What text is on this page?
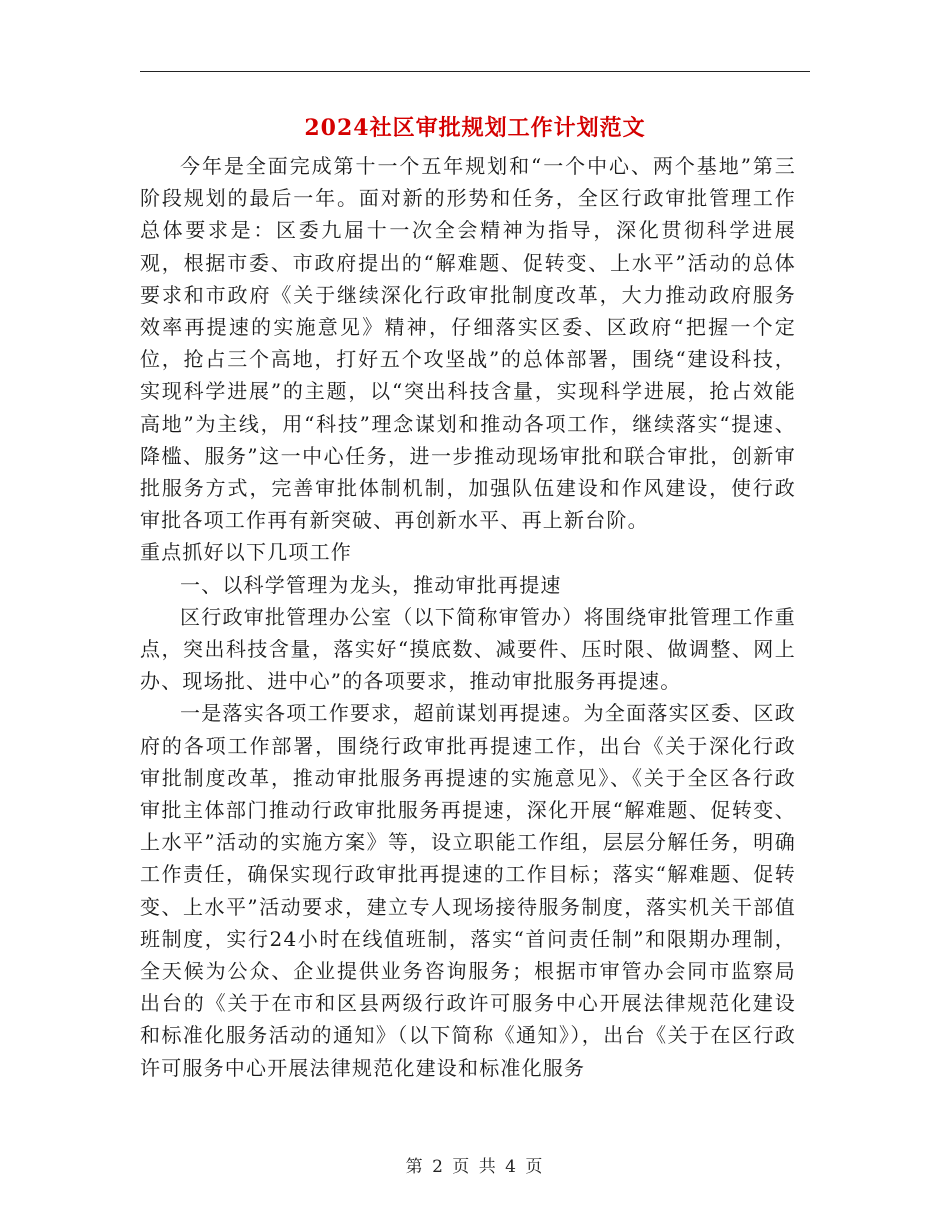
2024社区审批规划工作计划范文

今年是全面完成第十一个五年规划和“一个中心、两个基地”第三阶段规划的最后一年。面对新的形势和任务，全区行政审批管理工作总体要求是：区委九届十一次全会精神为指导，深化贯彻科学进展观，根据市委、市政府提出的“解难题、促转变、上水平”活动的总体要求和市政府《关于继续深化行政审批制度改革，大力推动政府服务效率再提速的实施意见》精神，仔细落实区委、区政府“把握一个定位，抢占三个高地，打好五个攻坚战”的总体部署，围绕“建设科技，实现科学进展”的主题，以“突出科技含量，实现科学进展，抢占效能高地”为主线，用“科技”理念谋划和推动各项工作，继续落实“提速、降槛、服务”这一中心任务，进一步推动现场审批和联合审批，创新审批服务方式，完善审批体制机制，加强队伍建设和作风建设，使行政审批各项工作再有新突破、再创新水平、再上新台阶。

重点抓好以下几项工作

一、以科学管理为龙头，推动审批再提速

区行政审批管理办公室（以下简称审管办）将围绕审批管理工作重点，突出科技含量，落实好“摸底数、减要件、压时限、做调整、网上办、现场批、进中心”的各项要求，推动审批服务再提速。

一是落实各项工作要求，超前谋划再提速。为全面落实区委、区政府的各项工作部署，围绕行政审批再提速工作，出台《关于深化行政审批制度改革，推动审批服务再提速的实施意见》、《关于全区各行政审批主体部门推动行政审批服务再提速，深化开展“解难题、促转变、上水平”活动的实施方案》等，设立职能工作组，层层分解任务，明确工作责任，确保实现行政审批再提速的工作目标；落实“解难题、促转变、上水平”活动要求，建立专人现场接待服务制度，落实机关干部值班制度，实行24小时在线值班制，落实“首问责任制”和限期办理制，全天候为公众、企业提供业务咨询服务；根据市审管办会同市监察局出台的《关于在市和区县两级行政许可服务中心开展法律规范化建设和标准化服务活动的通知》（以下简称《通知》），出台《关于在区行政许可服务中心开展法律规范化建设和标准化服务

第 2 页 共 4 页
